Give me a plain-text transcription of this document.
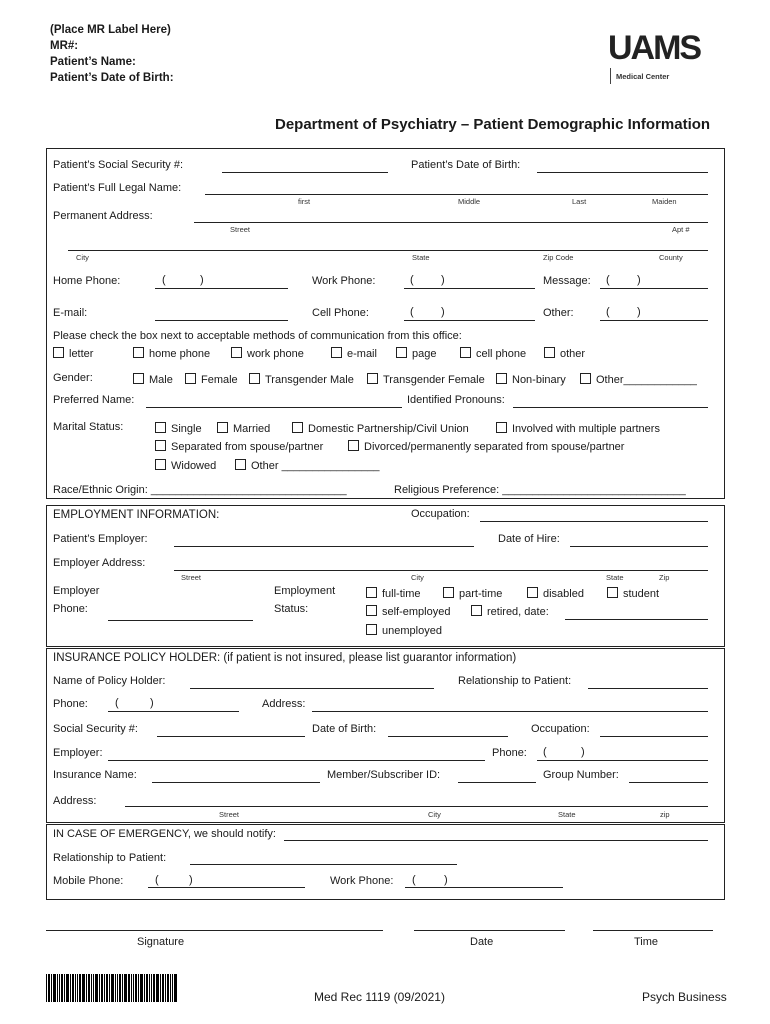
(Place MR Label Here)
MR#:
Patient’s Name:
Patient’s Date of Birth:
UAMS
Medical Center
Department of Psychiatry – Patient Demographic Information
Patient’s Social Security #:	Patient’s Date of Birth:
Patient’s Full Legal Name:
first	Middle	Last	Maiden
Permanent Address:
Street	Apt #
City	State	Zip Code	County
Home Phone:	(	)	Work Phone:	( )	Message: ( )
E-mail:	Cell Phone:	( )	Other:	( )
Please check the box next to acceptable methods of communication from this office:
letter	home phone	work phone	e-mail	page	cell phone	other
Gender:	Male	Female	Transgender Male	Transgender Female	Non-binary	Other____________
Preferred Name:	Identified Pronouns:
Marital Status:	Single	Married	Domestic Partnership/Civil Union	Involved with multiple partners
Separated from spouse/partner	Divorced/permanently separated from spouse/partner
Widowed	Other ________________
Race/Ethnic Origin: ________________________________	Religious Preference: ______________________________
EMPLOYMENT INFORMATION:	Occupation:
Patient’s Employer:	Date of Hire:
Employer Address:
Street	City	State	Zip
Employer
Phone:
Employment
Status:
full-time	part-time	disabled	student
self-employed	retired, date:
unemployed
INSURANCE POLICY HOLDER: (if patient is not insured, please list guarantor information)
Name of Policy Holder:	Relationship to Patient:
Phone: (	)	Address:
Social Security #:	Date of Birth:	Occupation:
Employer:	Phone: (	)
Insurance Name:	Member/Subscriber ID:	Group Number:
Address:
Street	City	State	zip
IN CASE OF EMERGENCY, we should notify:
Relationship to Patient:
Mobile Phone:	(	)	Work Phone: (	)
Signature	Date	Time
Med Rec 1119 (09/2021)	Psych Business
